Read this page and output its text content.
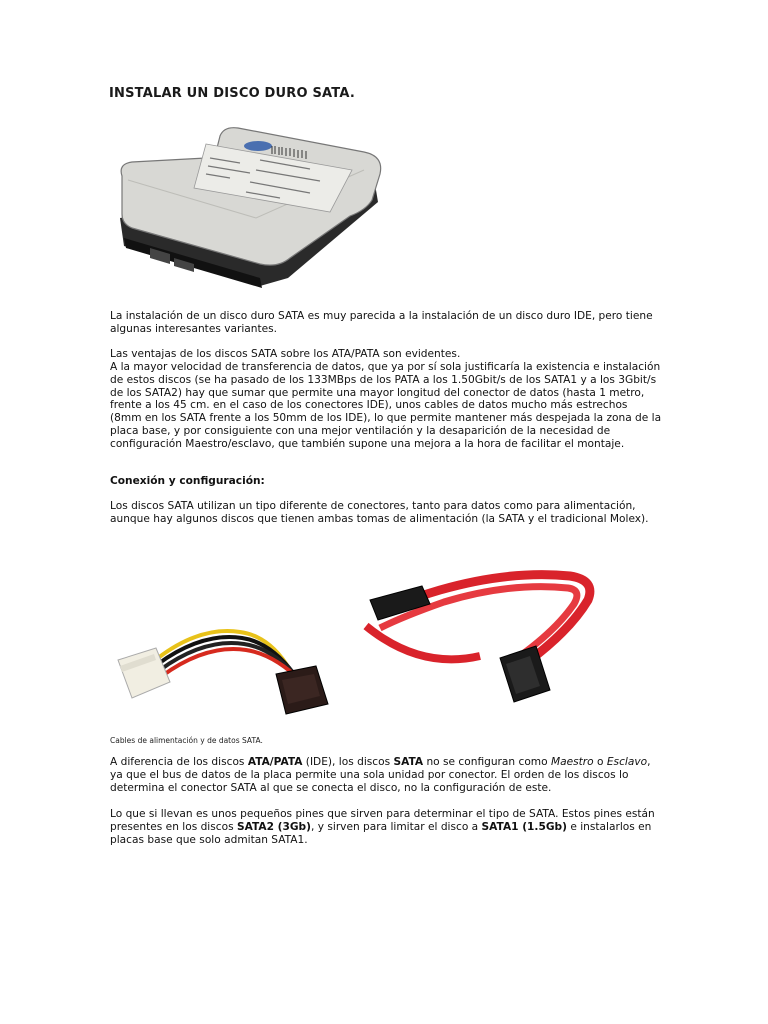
INSTALAR UN DISCO DURO SATA.
La instalación de un disco duro SATA es muy parecida a la instalación de un disco duro IDE, pero tiene algunas interesantes variantes.
Las ventajas de los discos SATA sobre los ATA/PATA son evidentes.
A la mayor velocidad de transferencia de datos, que ya por sí sola justificaría la existencia e instalación de estos discos (se ha pasado de los 133MBps de los PATA a los 1.50Gbit/s de los SATA1 y a los 3Gbit/s de los SATA2) hay que sumar que permite una mayor longitud del conector de datos (hasta 1 metro, frente a los 45 cm. en el caso de los conectores IDE), unos cables de datos mucho más estrechos (8mm en los SATA frente a los 50mm de los IDE), lo que permite mantener más despejada la zona de la placa base, y por consiguiente con una mejor ventilación y la desaparición de la necesidad de configuración Maestro/esclavo, que también supone una mejora a la hora de facilitar el montaje.
Conexión y configuración:
Los discos SATA utilizan un tipo diferente de conectores, tanto para datos como para alimentación, aunque hay algunos discos que tienen ambas tomas de alimentación (la SATA y el tradicional Molex).
Cables de alimentación y de datos SATA.
A diferencia de los discos ATA/PATA (IDE), los discos SATA no se configuran como Maestro o Esclavo, ya que el bus de datos de la placa permite una sola unidad por conector. El orden de los discos lo determina el conector SATA al que se conecta el disco, no la configuración de este.
Lo que si llevan es unos pequeños pines que sirven para determinar el tipo de SATA. Estos pines están presentes en los discos SATA2 (3Gb), y sirven para limitar el disco a SATA1 (1.5Gb) e instalarlos en placas base que solo admitan SATA1.
